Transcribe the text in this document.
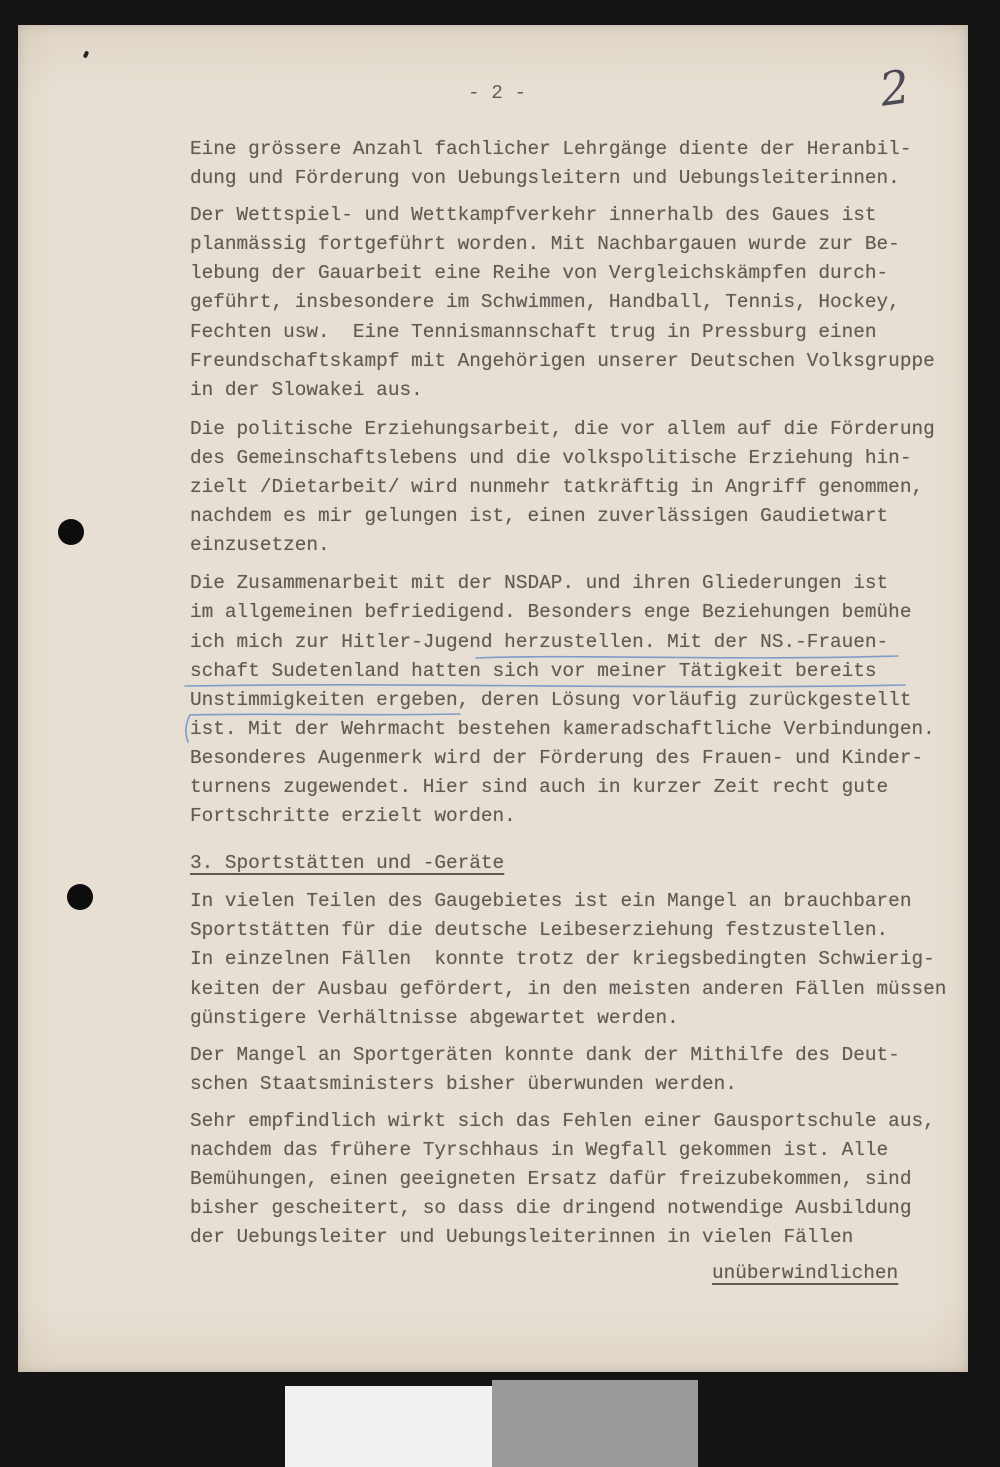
- 2 -	2
Eine grössere Anzahl fachlicher Lehrgänge diente der Heranbil-
dung und Förderung von Uebungsleitern und Uebungsleiterinnen.
Der Wettspiel- und Wettkampfverkehr innerhalb des Gaues ist
planmässig fortgeführt worden. Mit Nachbargauen wurde zur Be-
lebung der Gauarbeit eine Reihe von Vergleichskämpfen durch-
geführt, insbesondere im Schwimmen, Handball, Tennis, Hockey,
Fechten usw.  Eine Tennismannschaft trug in Pressburg einen
Freundschaftskampf mit Angehörigen unserer Deutschen Volksgruppe
in der Slowakei aus.
Die politische Erziehungsarbeit, die vor allem auf die Förderung
des Gemeinschaftslebens und die volkspolitische Erziehung hin-
zielt /Dietarbeit/ wird nunmehr tatkräftig in Angriff genommen,
nachdem es mir gelungen ist, einen zuverlässigen Gaudietwart
einzusetzen.
Die Zusammenarbeit mit der NSDAP. und ihren Gliederungen ist
im allgemeinen befriedigend. Besonders enge Beziehungen bemühe
ich mich zur Hitler-Jugend herzustellen. Mit der NS.-Frauen-
schaft Sudetenland hatten sich vor meiner Tätigkeit bereits
Unstimmigkeiten ergeben, deren Lösung vorläufig zurückgestellt
ist. Mit der Wehrmacht bestehen kameradschaftliche Verbindungen.
Besonderes Augenmerk wird der Förderung des Frauen- und Kinder-
turnens zugewendet. Hier sind auch in kurzer Zeit recht gute
Fortschritte erzielt worden.
3. Sportstätten und -Geräte
In vielen Teilen des Gaugebietes ist ein Mangel an brauchbaren
Sportstätten für die deutsche Leibeserziehung festzustellen.
In einzelnen Fällen  konnte trotz der kriegsbedingten Schwierig-
keiten der Ausbau gefördert, in den meisten anderen Fällen müssen
günstigere Verhältnisse abgewartet werden.
Der Mangel an Sportgeräten konnte dank der Mithilfe des Deut-
schen Staatsministers bisher überwunden werden.
Sehr empfindlich wirkt sich das Fehlen einer Gausportschule aus,
nachdem das frühere Tyrschhaus in Wegfall gekommen ist. Alle
Bemühungen, einen geeigneten Ersatz dafür freizubekommen, sind
bisher gescheitert, so dass die dringend notwendige Ausbildung
der Uebungsleiter und Uebungsleiterinnen in vielen Fällen
unüberwindlichen
